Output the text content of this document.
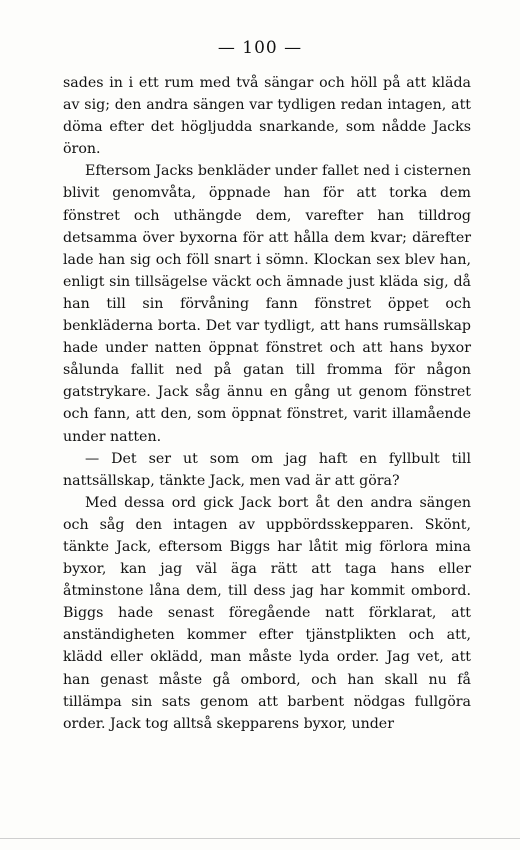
— 100 —

sades in i ett rum med två sängar och höll på att kläda av sig; den andra sängen var tydligen redan intagen, att döma efter det högljudda snarkande, som nådde Jacks öron.

Eftersom Jacks benkläder under fallet ned i cisternen blivit genomvåta, öppnade han för att torka dem fönstret och uthängde dem, varefter han tilldrog detsamma över byxorna för att hålla dem kvar; därefter lade han sig och föll snart i sömn. Klockan sex blev han, enligt sin tillsägelse väckt och ämnade just kläda sig, då han till sin förvåning fann fönstret öppet och benkläderna borta. Det var tydligt, att hans rumsällskap hade under natten öppnat fönstret och att hans byxor sålunda fallit ned på gatan till fromma för någon gatstrykare. Jack såg ännu en gång ut genom fönstret och fann, att den, som öppnat fönstret, varit illamående under natten.

— Det ser ut som om jag haft en fyllbult till nattsällskap, tänkte Jack, men vad är att göra?

Med dessa ord gick Jack bort åt den andra sängen och såg den intagen av uppbördsskepparen. Skönt, tänkte Jack, eftersom Biggs har låtit mig förlora mina byxor, kan jag väl äga rätt att taga hans eller åtminstone låna dem, till dess jag har kommit ombord. Biggs hade senast föregående natt förklarat, att anständigheten kommer efter tjänstplikten och att, klädd eller oklädd, man måste lyda order. Jag vet, att han genast måste gå ombord, och han skall nu få tillämpa sin sats genom att barbent nödgas fullgöra order. Jack tog alltså skepparens byxor, under
